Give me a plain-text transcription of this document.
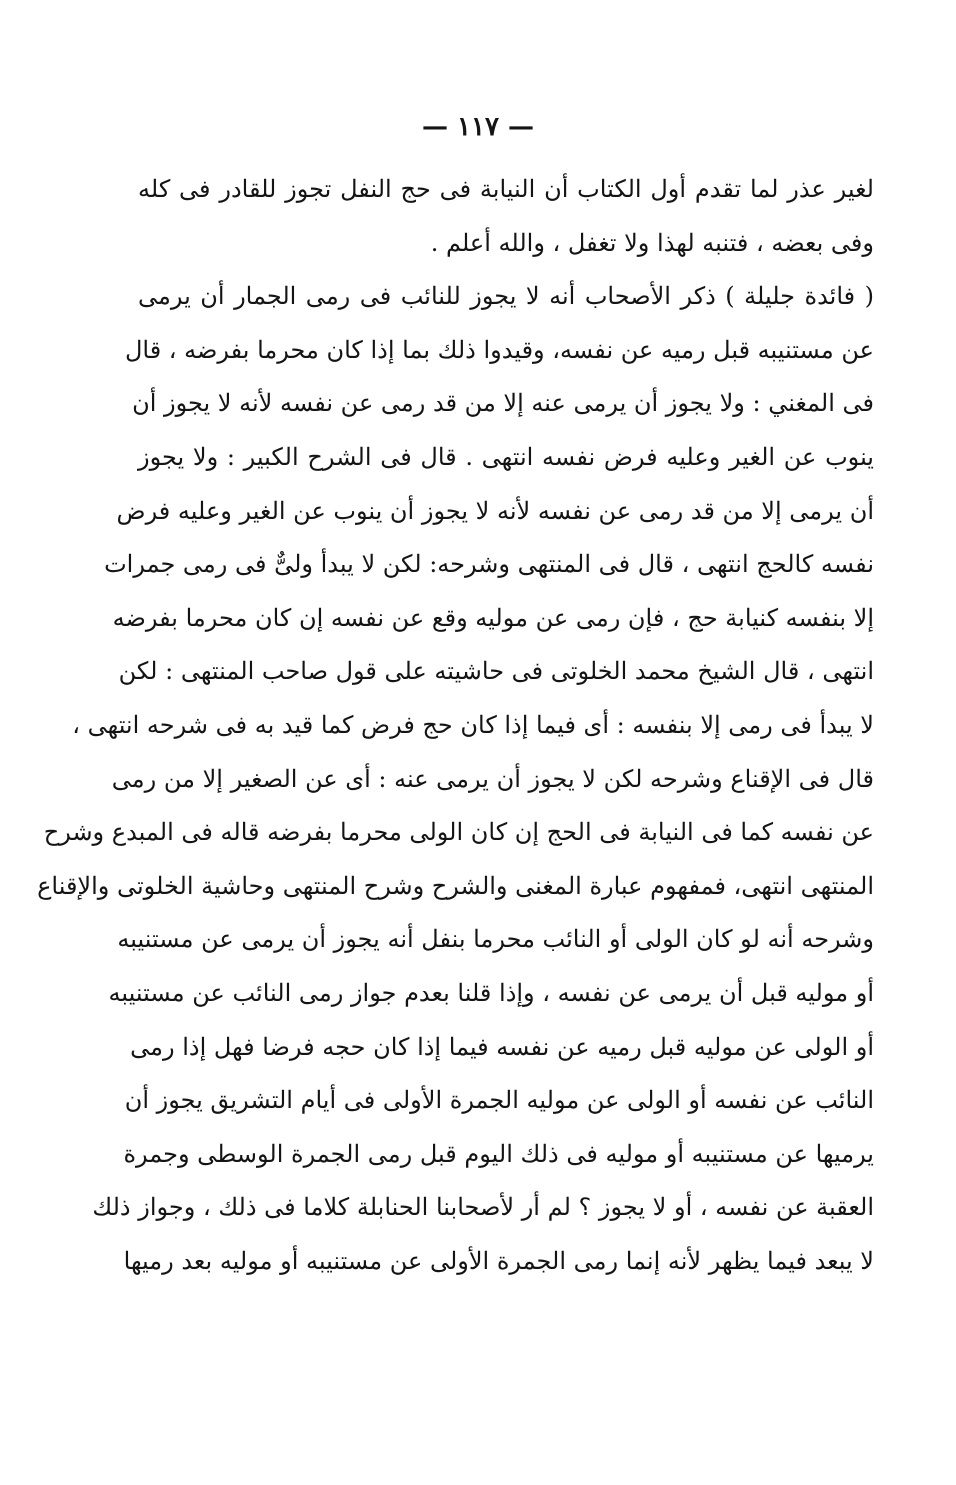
— ١١٧ —
لغير عذر لما تقدم أول الكتاب أن النيابة فى حج النفل تجوز للقادر فى كله
وفى بعضه ، فتنبه لهذا ولا تغفل ، والله أعلم .
( فائدة جليلة ) ذكر الأصحاب أنه لا يجوز للنائب فى رمى الجمار أن يرمى
عن مستنيبه قبل رميه عن نفسه، وقيدوا ذلك بما إذا كان محرما بفرضه ، قال
فى المغني : ولا يجوز أن يرمى عنه إلا من قد رمى عن نفسه لأنه لا يجوز أن
ينوب عن الغير وعليه فرض نفسه انتهى . قال فى الشرح الكبير : ولا يجوز
أن يرمى إلا من قد رمى عن نفسه لأنه لا يجوز أن ينوب عن الغير وعليه فرض
نفسه كالحج انتهى ، قال فى المنتهى وشرحه: لكن لا يبدأ ولىٌّ فى رمى جمرات
إلا بنفسه كنيابة حج ، فإن رمى عن موليه وقع عن نفسه إن كان محرما بفرضه
انتهى ، قال الشيخ محمد الخلوتى فى حاشيته على قول صاحب المنتهى : لكن
لا يبدأ فى رمى إلا بنفسه : أى فيما إذا كان حج فرض كما قيد به فى شرحه انتهى ،
قال فى الإقناع وشرحه لكن لا يجوز أن يرمى عنه : أى عن الصغير إلا من رمى
عن نفسه كما فى النيابة فى الحج إن كان الولى محرما بفرضه قاله فى المبدع وشرح
المنتهى انتهى، فمفهوم عبارة المغنى والشرح وشرح المنتهى وحاشية الخلوتى والإقناع
وشرحه أنه لو كان الولى أو النائب محرما بنفل أنه يجوز أن يرمى عن مستنيبه
أو موليه قبل أن يرمى عن نفسه ، وإذا قلنا بعدم جواز رمى النائب عن مستنيبه
أو الولى عن موليه قبل رميه عن نفسه فيما إذا كان حجه فرضا فهل إذا رمى
النائب عن نفسه أو الولى عن موليه الجمرة الأولى فى أيام التشريق يجوز أن
يرميها عن مستنيبه أو موليه فى ذلك اليوم قبل رمى الجمرة الوسطى وجمرة
العقبة عن نفسه ، أو لا يجوز ؟ لم أر لأصحابنا الحنابلة كلاما فى ذلك ، وجواز ذلك
لا يبعد فيما يظهر لأنه إنما رمى الجمرة الأولى عن مستنيبه أو موليه بعد رميها
